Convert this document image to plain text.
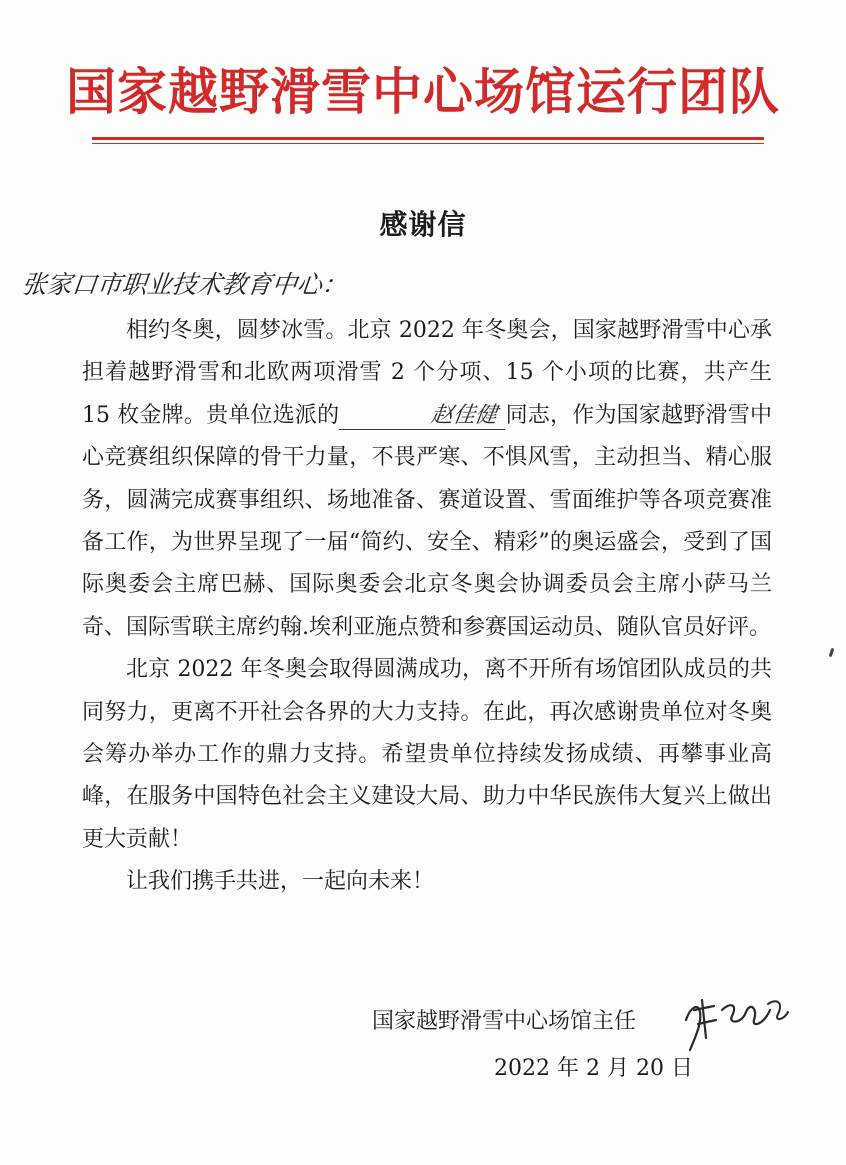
国家越野滑雪中心场馆运行团队
感谢信
张家口市职业技术教育中心：

相约冬奥，圆梦冰雪。北京 2022 年冬奥会，国家越野滑雪中心承担着越野滑雪和北欧两项滑雪 2 个分项、15 个小项的比赛，共产生 15 枚金牌。贵单位选派的	赵佳健 同志，作为国家越野滑雪中心竞赛组织保障的骨干力量，不畏严寒、不惧风雪，主动担当、精心服务，圆满完成赛事组织、场地准备、赛道设置、雪面维护等各项竞赛准备工作，为世界呈现了一届“简约、安全、精彩”的奥运盛会，受到了国际奥委会主席巴赫、国际奥委会北京冬奥会协调委员会主席小萨马兰奇、国际雪联主席约翰.埃利亚施点赞和参赛国运动员、随队官员好评。

北京 2022 年冬奥会取得圆满成功，离不开所有场馆团队成员的共同努力，更离不开社会各界的大力支持。在此，再次感谢贵单位对冬奥会筹办举办工作的鼎力支持。希望贵单位持续发扬成绩、再攀事业高峰，在服务中国特色社会主义建设大局、助力中华民族伟大复兴上做出更大贡献！

让我们携手共进，一起向未来！

国家越野滑雪中心场馆主任
2022 年 2 月 20 日
